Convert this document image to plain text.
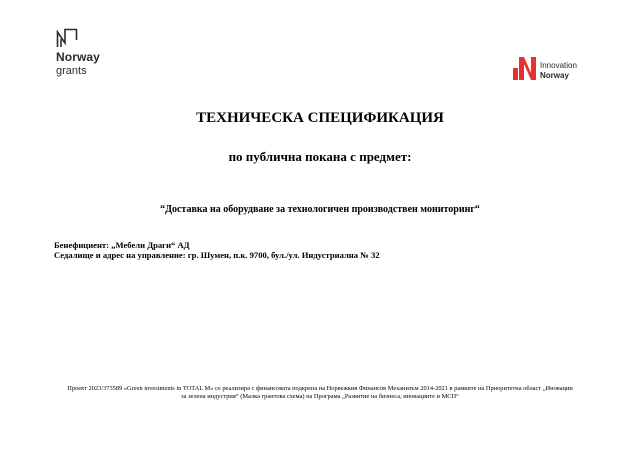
Norway
grants	Innovation
Norway
ТЕХНИЧЕСКА СПЕЦИФИКАЦИЯ
по публична покана с предмет:
“Доставка на оборудване за технологичен производствен мониторинг“
Бенефициент: „Мебели Драги“ АД
Седалище и адрес на управление: гр. Шумен, п.к. 9700, бул./ул. Индустриална № 32
Проект 2023/373589 «Green investments in TOTAL M» се реализира с финансовата подкрепа на Норвежкия Финансов Механизъм 2014-2021 в рамките на Приоритетна област „Иновации
за зелена индустрия“ (Малка грантова схема) на Програма „Развитие на бизнеса, иновациите и МСП“
